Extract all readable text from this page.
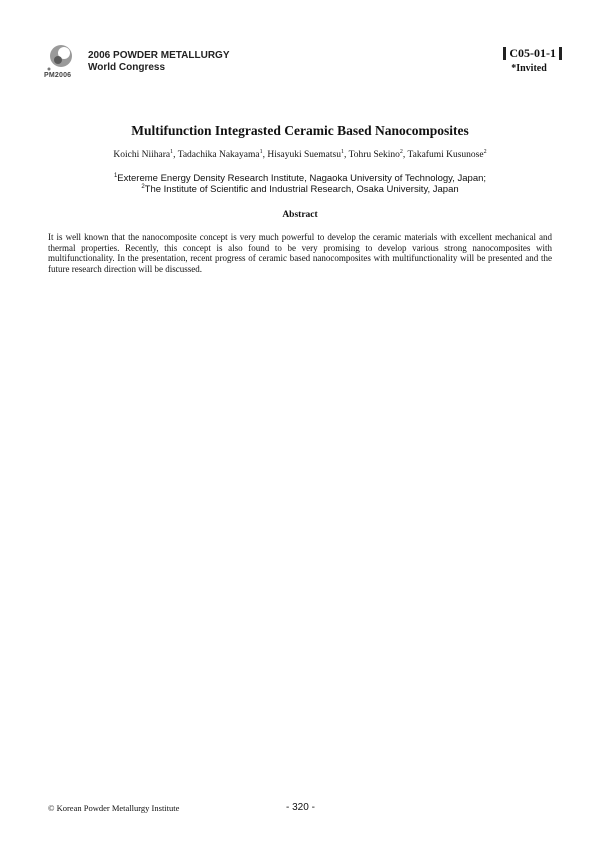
PM2006
2006 POWDER METALLURGY
World Congress
C05-01-1
*Invited
Multifunction Integrasted Ceramic Based Nanocomposites
Koichi Niihara$^1$, Tadachika Nakayama$^1$, Hisayuki Suematsu$^1$, Tohru Sekino$^2$, Takafumi Kusunose$^2$
$^1$Extereme Energy Density Research Institute, Nagaoka University of Technology, Japan;
$^2$The Institute of Scientific and Industrial Research, Osaka University, Japan
Abstract
It is well known that the nanocomposite concept is very much powerful to develop the ceramic materials with excellent mechanical and thermal properties. Recently, this concept is also found to be very promising to develop various strong nanocomposites with multifunctionality. In the presentation, recent progress of ceramic based nanocomposites with multifunctionality will be presented and the future research direction will be discussed.
© Korean Powder Metallurgy Institute	- 320 -
